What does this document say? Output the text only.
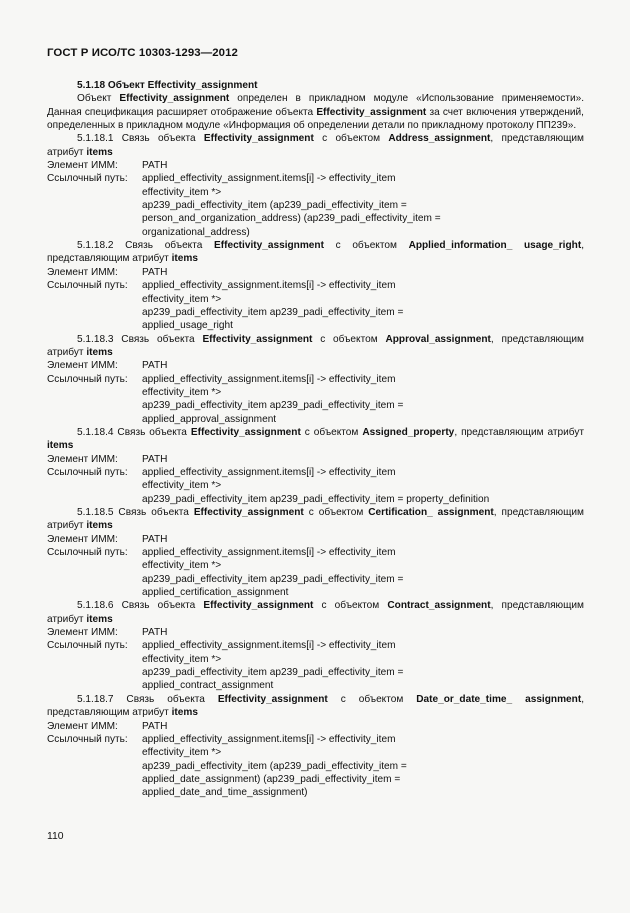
ГОСТ Р ИСО/ТС 10303-1293—2012

5.1.18 Объект Effectivity_assignment

Объект Effectivity_assignment определен в прикладном модуле «Использование применяемости». Данная спецификация расширяет отображение объекта Effectivity_assignment за счет включения утверждений, определенных в прикладном модуле «Информация об определении детали по прикладному протоколу ПП239».

5.1.18.1 Связь объекта Effectivity_assignment с объектом Address_assignment, представляющим атрибут items

Элемент ИММ:	PATH
Ссылочный путь:	applied_effectivity_assignment.items[i] -> effectivity_item
effectivity_item *>
ap239_padi_effectivity_item (ap239_padi_effectivity_item =
person_and_organization_address) (ap239_padi_effectivity_item =
organizational_address)

5.1.18.2 Связь объекта Effectivity_assignment с объектом Applied_information_ usage_right, представляющим атрибут items

Элемент ИММ:	PATH
Ссылочный путь:	applied_effectivity_assignment.items[i] -> effectivity_item
effectivity_item *>
ap239_padi_effectivity_item ap239_padi_effectivity_item =
applied_usage_right

5.1.18.3 Связь объекта Effectivity_assignment с объектом Approval_assignment, представляющим атрибут items

Элемент ИММ:	PATH
Ссылочный путь:	applied_effectivity_assignment.items[i] -> effectivity_item
effectivity_item *>
ap239_padi_effectivity_item ap239_padi_effectivity_item =
applied_approval_assignment

5.1.18.4 Связь объекта Effectivity_assignment с объектом Assigned_property, представляющим атрибут items

Элемент ИММ:	PATH
Ссылочный путь:	applied_effectivity_assignment.items[i] -> effectivity_item
effectivity_item *>
ap239_padi_effectivity_item ap239_padi_effectivity_item = property_definition

5.1.18.5 Связь объекта Effectivity_assignment с объектом Certification_ assignment, представляющим атрибут items

Элемент ИММ:	PATH
Ссылочный путь:	applied_effectivity_assignment.items[i] -> effectivity_item
effectivity_item *>
ap239_padi_effectivity_item ap239_padi_effectivity_item =
applied_certification_assignment

5.1.18.6 Связь объекта Effectivity_assignment с объектом Contract_assignment, представляющим атрибут items

Элемент ИММ:	PATH
Ссылочный путь:	applied_effectivity_assignment.items[i] -> effectivity_item
effectivity_item *>
ap239_padi_effectivity_item ap239_padi_effectivity_item =
applied_contract_assignment

5.1.18.7 Связь объекта Effectivity_assignment с объектом Date_or_date_time_ assignment, представляющим атрибут items

Элемент ИММ:	PATH
Ссылочный путь:	applied_effectivity_assignment.items[i] -> effectivity_item
effectivity_item *>
ap239_padi_effectivity_item (ap239_padi_effectivity_item =
applied_date_assignment) (ap239_padi_effectivity_item =
applied_date_and_time_assignment)
110
